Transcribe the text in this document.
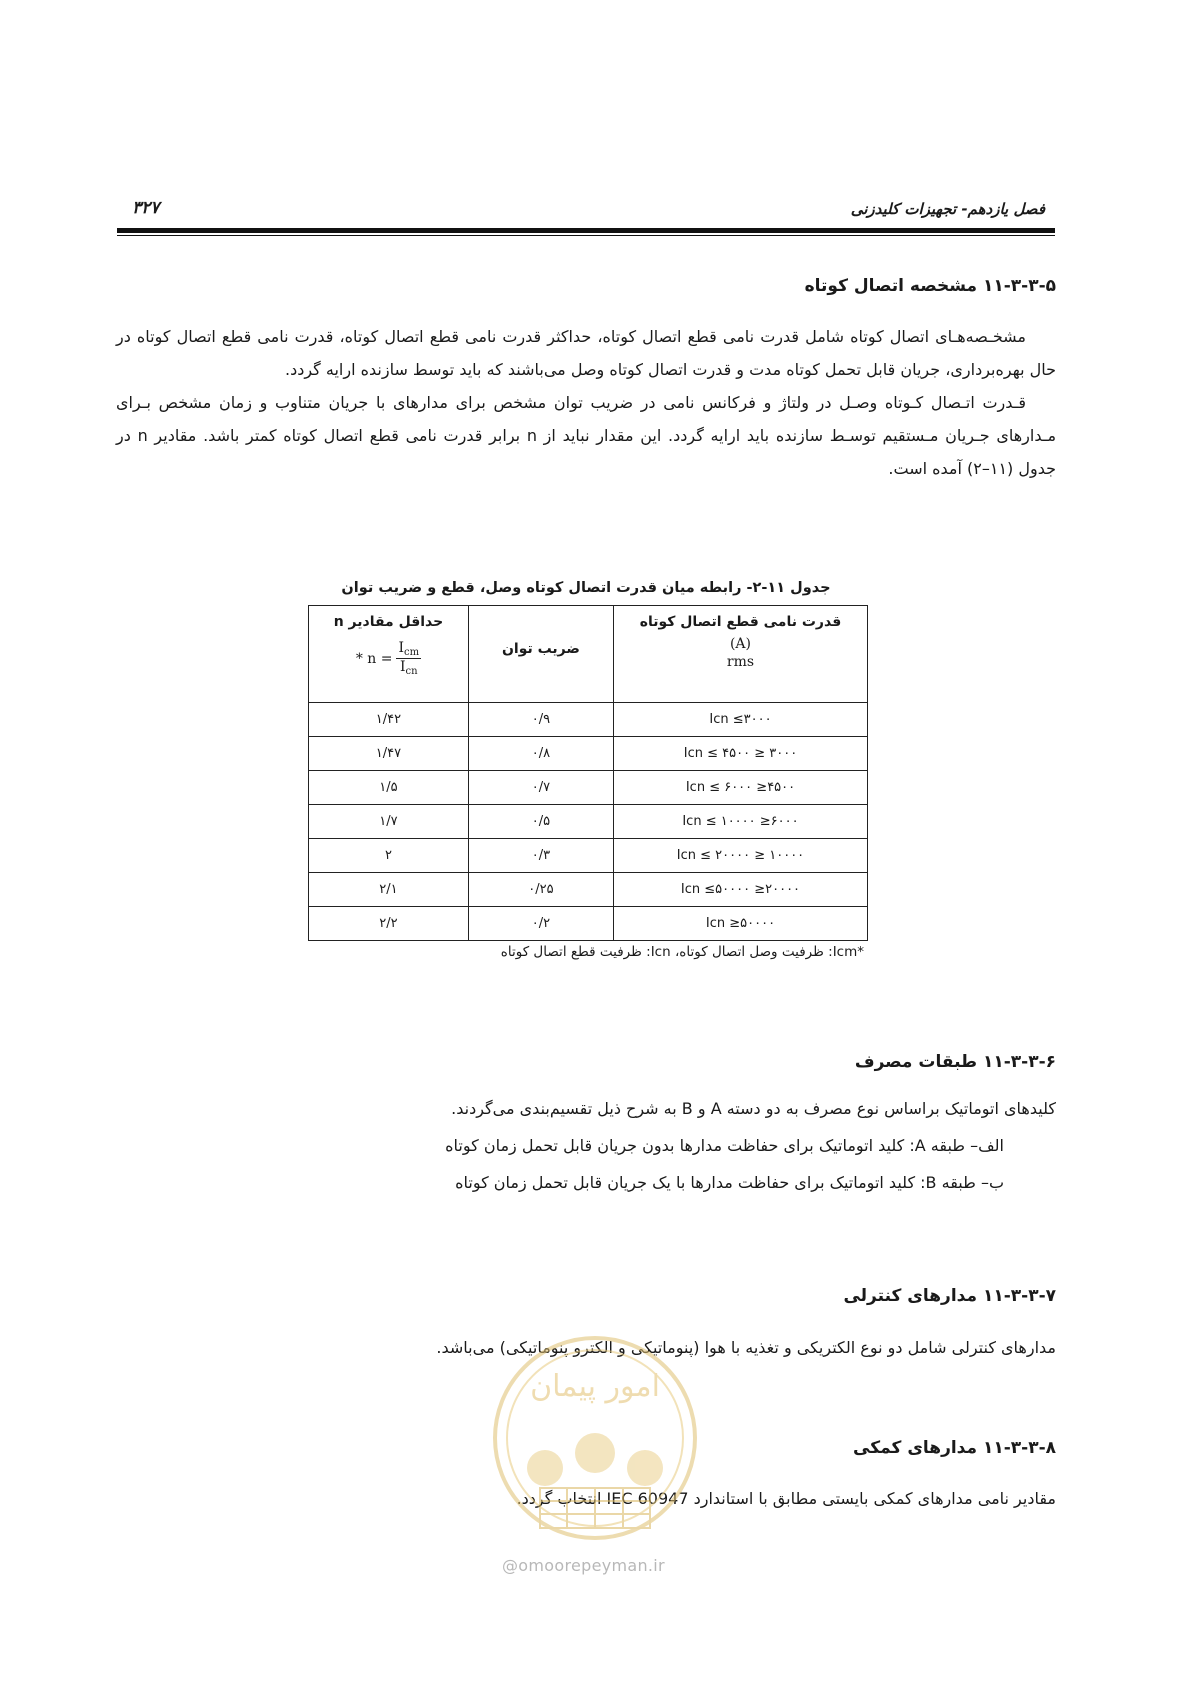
فصل یازدهم- تجهیزات کلیدزنی
۳۲۷
۱۱-۳-۳-۵ مشخصه اتصال کوتاه

مشخـصه‌هـای اتصال کوتاه شامل قدرت نامی قطع اتصال کوتاه، حداکثر قدرت نامی قطع اتصال کوتاه، قدرت نامی قطع اتصال کوتاه در حال بهره‌برداری، جریان قابل تحمل کوتاه مدت و قدرت اتصال کوتاه وصل می‌باشند که باید توسط سازنده ارایه گردد.

قـدرت اتـصال کـوتاه وصـل در ولتاژ و فرکانس نامی در ضریب توان مشخص برای مدارهای با جریان متناوب و زمان مشخص بـرای مـدارهای جـریان مـستقیم توسـط سازنده باید ارایه گردد. این مقدار نباید از n برابر قدرت نامی قطع اتصال کوتاه کمتر باشد. مقادیر n در جدول (۱۱–۲) آمده است.

جدول ۱۱-۲- رابطه میان قدرت اتصال کوتاه وصل، قطع و ضریب توان
قدرت نامی قطع اتصال کوتاه
(A)
rms	ضریب توان	حداقل مقادیر n
* $n = \frac{I_{cm}}{I_{cn}}$

Icn ≤۳۰۰۰	۰/۹	۱/۴۲
۳۰۰۰ ≤ Icn ≤ ۴۵۰۰	۰/۸	۱/۴۷
۴۵۰۰≤ Icn ≤ ۶۰۰۰	۰/۷	۱/۵
۶۰۰۰≤ Icn ≤ ۱۰۰۰۰	۰/۵	۱/۷
۱۰۰۰۰ ≤ Icn ≤ ۲۰۰۰۰	۰/۳	۲
۲۰۰۰۰≤ Icn ≤۵۰۰۰۰	۰/۲۵	۲/۱
۵۰۰۰۰≤ Icn	۰/۲	۲/۲
*Icm: ظرفیت وصل اتصال کوتاه، Icn: ظرفیت قطع اتصال کوتاه
۱۱-۳-۳-۶ طبقات مصرف
کلیدهای اتوماتیک براساس نوع مصرف به دو دسته A و B به شرح ذیل تقسیم‌بندی می‌گردند.
الف– طبقه A: کلید اتوماتیک برای حفاظت مدارها بدون جریان قابل تحمل زمان کوتاه
ب– طبقه B: کلید اتوماتیک برای حفاظت مدارها با یک جریان قابل تحمل زمان کوتاه
۱۱-۳-۳-۷ مدارهای کنترلی
مدارهای کنترلی شامل دو نوع الکتریکی و تغذیه با هوا (پنوماتیکی و الکترو پنوماتیکی) می‌باشد.
۱۱-۳-۳-۸ مدارهای کمکی
مقادیر نامی مدارهای کمکی بایستی مطابق با استاندارد IEC 60947 انتخاب گردد.
امور پیمان
@omoorepeyman.ir
